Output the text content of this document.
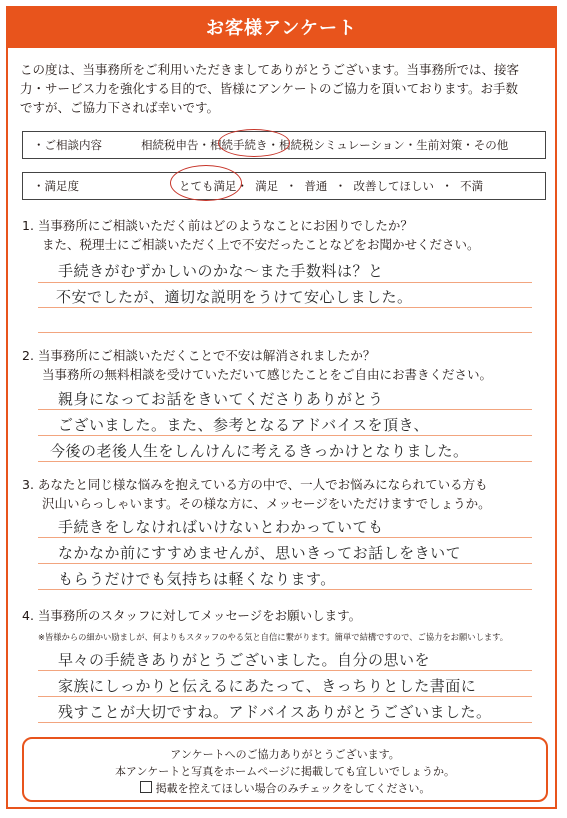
お客様アンケート

この度は、当事務所をご利用いただきましてありがとうございます。当事務所では、接客

力・サービス力を強化する目的で、皆様にアンケートのご協力を頂いております。お手数

ですが、ご協力下されば幸いです。

・ご相談内容	相続税申告・ 相続手続き ・相続税シミュレーション・生前対策・その他
・満足度	とても満足 ・  満足  ・  普通  ・  改善してほしい  ・  不満
1. 当事務所にご相談いただく前はどのようなことにお困りでしたか？
また、税理士にご相談いただく上で不安だったことなどをお聞かせください。
手続きがむずかしいのかな〜また手数料は？と
不安でしたが、適切な説明をうけて安心しました。
2. 当事務所にご相談いただくことで不安は解消されましたか？
当事務所の無料相談を受けていただいて感じたことをご自由にお書きください。
親身になってお話をきいてくださりありがとう
ございました。また、参考となるアドバイスを頂き、
今後の老後人生をしんけんに考えるきっかけとなりました。
3. あなたと同じ様な悩みを抱えている方の中で、一人でお悩みになられている方も
沢山いらっしゃいます。その様な方に、メッセージをいただけますでしょうか。
手続きをしなければいけないとわかっていても
なかなか前にすすめませんが、思いきってお話しをきいて
もらうだけでも気持ちは軽くなります。
4. 当事務所のスタッフに対してメッセージをお願いします。
※皆様からの細かい励ましが、何よりもスタッフのやる気と自信に繋がります。簡単で結構ですので、ご協力をお願いします。
早々の手続きありがとうございました。自分の思いを
家族にしっかりと伝えるにあたって、きっちりとした書面に
残すことが大切ですね。アドバイスありがとうございました。
アンケートへのご協力ありがとうございます。
本アンケートと写真をホームページに掲載しても宜しいでしょうか。
掲載を控えてほしい場合のみチェックをしてください。
